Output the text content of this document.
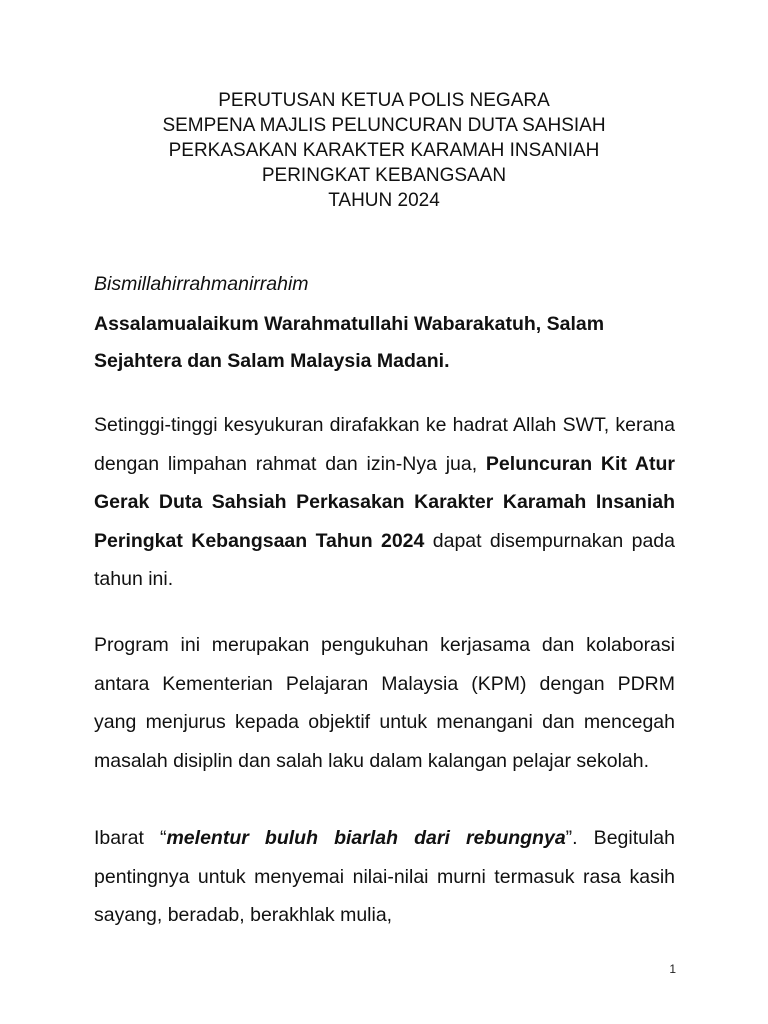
PERUTUSAN KETUA POLIS NEGARA
SEMPENA MAJLIS PELUNCURAN DUTA SAHSIAH
PERKASAKAN KARAKTER KARAMAH INSANIAH
PERINGKAT KEBANGSAAN
TAHUN 2024
Bismillahirrahmanirrahim
Assalamualaikum Warahmatullahi Wabarakatuh, Salam Sejahtera dan Salam Malaysia Madani.
Setinggi-tinggi kesyukuran dirafakkan ke hadrat Allah SWT, kerana dengan limpahan rahmat dan izin-Nya jua, Peluncuran Kit Atur Gerak Duta Sahsiah Perkasakan Karakter Karamah Insaniah Peringkat Kebangsaan Tahun 2024 dapat disempurnakan pada tahun ini.
Program ini merupakan pengukuhan kerjasama dan kolaborasi antara Kementerian Pelajaran Malaysia (KPM) dengan PDRM yang menjurus kepada objektif untuk menangani dan mencegah masalah disiplin dan salah laku dalam kalangan pelajar sekolah.
Ibarat “melentur buluh biarlah dari rebungnya”. Begitulah pentingnya untuk menyemai nilai-nilai murni termasuk rasa kasih sayang, beradab, berakhlak mulia,
1
